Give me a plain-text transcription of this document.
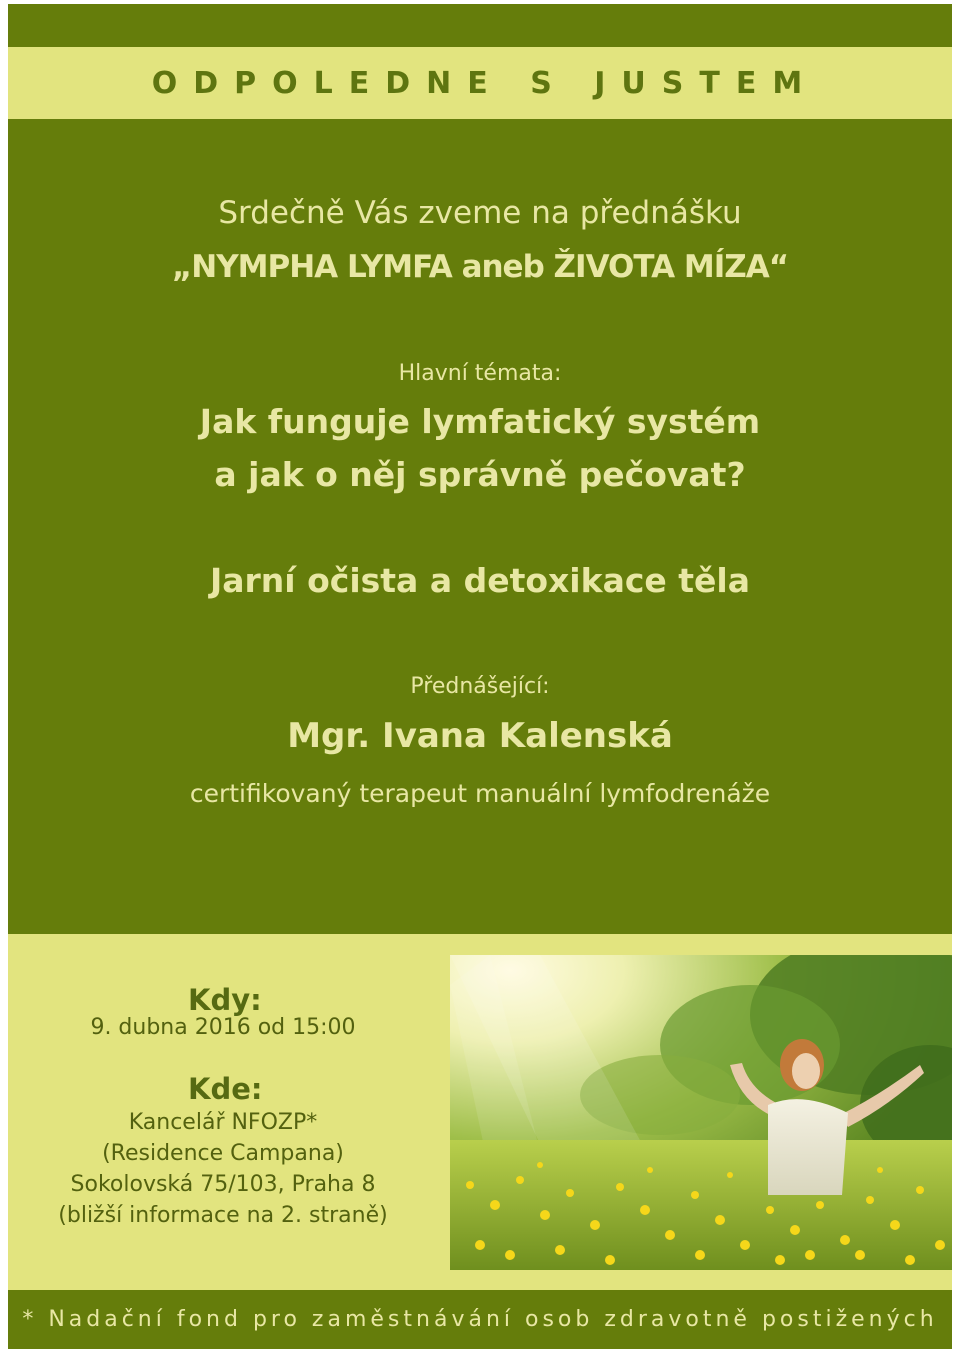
ODPOLEDNE S JUSTEM
Srdečně Vás zveme na přednášku
„NYMPHA LYMFA aneb ŽIVOTA MÍZA“
Hlavní témata:
Jak funguje lymfatický systém
a jak o něj správně pečovat?
Jarní očista a detoxikace těla
Přednášející:
Mgr. Ivana Kalenská
certifikovaný terapeut manuální lymfodrenáže
Kdy:
9. dubna 2016 od 15:00
Kde:
Kancelář NFOZP*
(Residence Campana)
Sokolovská 75/103, Praha 8
(bližší informace na 2. straně)
* Nadační fond pro zaměstnávání osob zdravotně postižených
